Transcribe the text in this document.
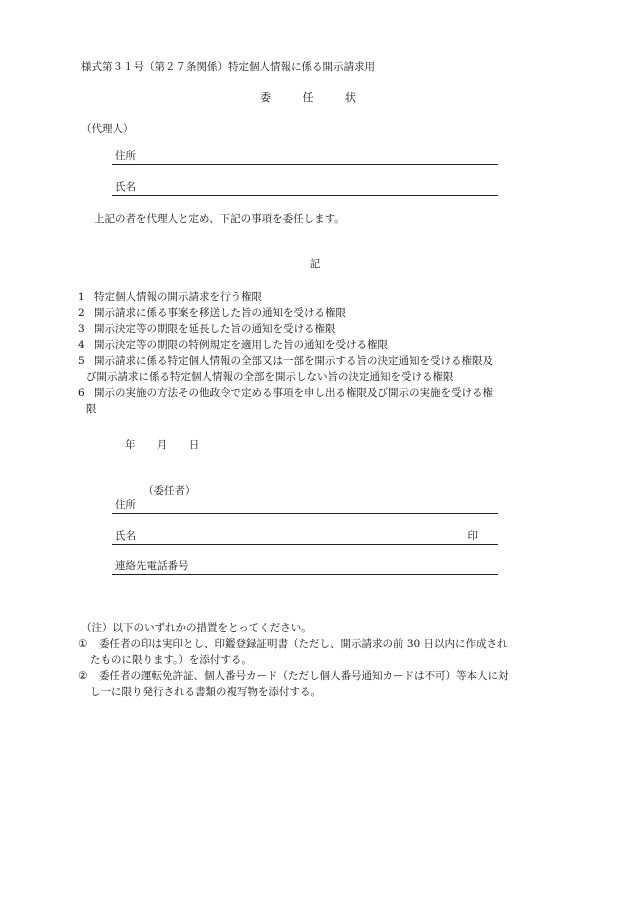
様式第３１号（第２７条関係）特定個人情報に係る開示請求用
委 任 状
（代理人）
住所
氏名
上記の者を代理人と定め、下記の事項を委任します。
記
1 特定個人情報の開示請求を行う権限
2 開示請求に係る事案を移送した旨の通知を受ける権限
3 開示決定等の期限を延長した旨の通知を受ける権限
4 開示決定等の期限の特例規定を適用した旨の通知を受ける権限
5 開示請求に係る特定個人情報の全部又は一部を開示する旨の決定通知を受ける権限及
び開示請求に係る特定個人情報の全部を開示しない旨の決定通知を受ける権限
6 開示の実施の方法その他政令で定める事項を申し出る権限及び開示の実施を受ける権
限
年 月 日
（委任者）
住所
氏名	印
連絡先電話番号
（注）以下のいずれかの措置をとってください。
① 委任者の印は実印とし、印鑑登録証明書（ただし、開示請求の前 30 日以内に作成され
たものに限ります。）を添付する。
② 委任者の運転免許証、個人番号カード（ただし個人番号通知カードは不可）等本人に対
し一に限り発行される書類の複写物を添付する。
